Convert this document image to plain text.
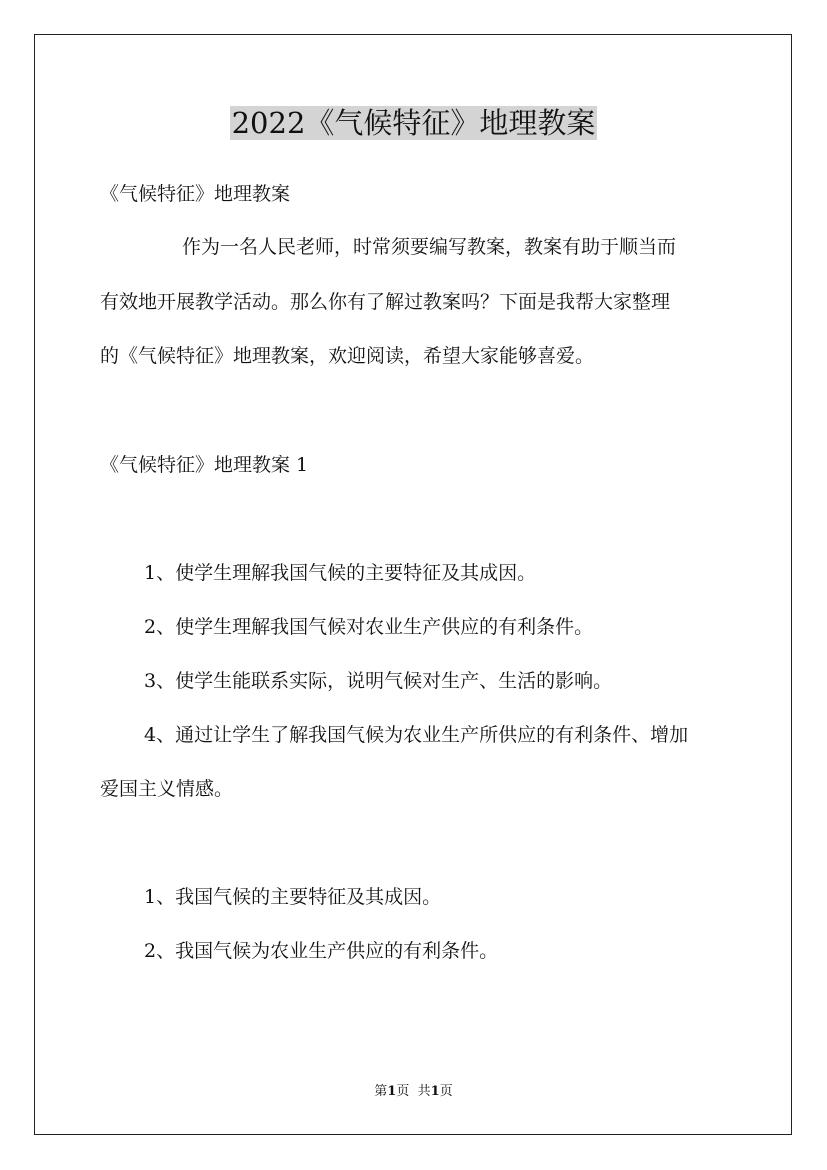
2022《气候特征》地理教案
《气候特征》地理教案
作为一名人民老师，时常须要编写教案，教案有助于顺当而
有效地开展教学活动。那么你有了解过教案吗？下面是我帮大家整理
的《气候特征》地理教案，欢迎阅读，希望大家能够喜爱。
《气候特征》地理教案 1
1、使学生理解我国气候的主要特征及其成因。
2、使学生理解我国气候对农业生产供应的有利条件。
3、使学生能联系实际，说明气候对生产、生活的影响。
4、通过让学生了解我国气候为农业生产所供应的有利条件、增加
爱国主义情感。
1、我国气候的主要特征及其成因。
2、我国气候为农业生产供应的有利条件。
第1页 共1页
